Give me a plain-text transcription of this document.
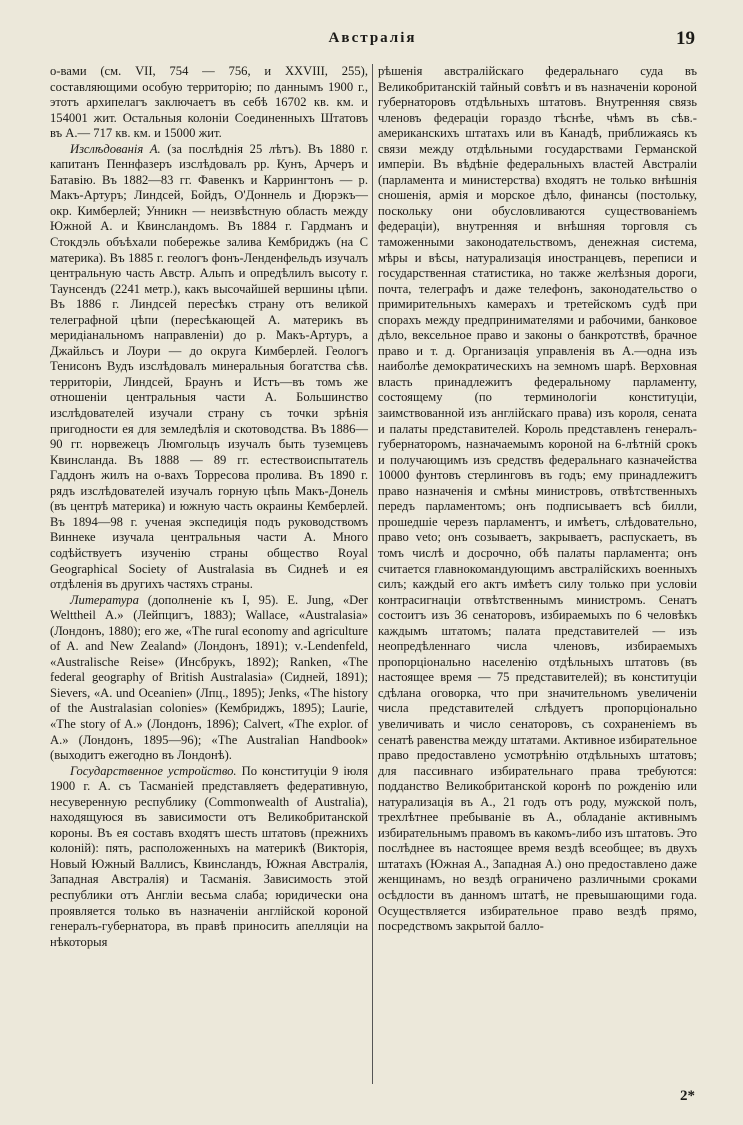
Австралія	19

о-вами (см. VII, 754 — 756, и XXVIII, 255), составляющими особую территорію; по даннымъ 1900 г., этотъ архипелагъ заключаетъ въ себѣ 16702 кв. км. и 154001 жит. Остальныя колоніи Соединенныхъ Штатовъ въ А.— 717 кв. км. и 15000 жит.

Изслѣдованія А. (за послѣднія 25 лѣтъ). Въ 1880 г. капитанъ Пеннфазеръ изслѣдовалъ рр. Кунъ, Арчеръ и Батавію. Въ 1882—83 гг. Фавенкъ и Каррингтонъ — р. Макъ-Артуръ; Линдсей, Бойдъ, О'Доннель и Дюрэкъ—окр. Кимберлей; Унникн — неизвѣстную область между Южной А. и Квинсландомъ. Въ 1884 г. Гардманъ и Стокдэль объѣхали побережье залива Кембриджъ (на С материка). Въ 1885 г. геологъ фонъ-Ленденфельдъ изучалъ центральную часть Австр. Альпъ и опредѣлилъ высоту г. Таунсендъ (2241 метр.), какъ высочайшей вершины цѣпи. Въ 1886 г. Линдсей пересѣкъ страну отъ великой телеграфной цѣпи (пересѣкающей А. материкъ въ меридіанальномъ направленіи) до р. Макъ-Артуръ, а Джайльсъ и Лоури — до округа Кимберлей. Геологъ Тенисонъ Вудъ изслѣдовалъ минеральныя богатства сѣв. территоріи, Линдсей, Браунъ и Истъ—въ томъ же отношеніи центральныя части А. Большинство изслѣдователей изучали страну съ точки зрѣнія пригодности ея для земледѣлія и скотоводства. Въ 1886—90 гг. норвежецъ Люмгольцъ изучалъ быть туземцевъ Квинсланда. Въ 1888 — 89 гг. естествоиспытатель Гаддонъ жилъ на о-вахъ Торресова пролива. Въ 1890 г. рядъ изслѣдователей изучалъ горную цѣпь Макъ-Донель (въ центрѣ материка) и южную часть окраины Кемберлей. Въ 1894—98 г. ученая экспедиція подъ руководствомъ Виннеке изучала центральныя части А. Много содѣйствуетъ изученію страны общество Royal Geographical Society of Australasia въ Сиднеѣ и ея отдѣленія въ другихъ частяхъ страны.

Литература (дополненіе къ I, 95). E. Jung, «Der Welttheil A.» (Лейпцигъ, 1883); Wallace, «Australasia» (Лондонъ, 1880); его же, «The rural economy and agriculture of A. and New Zealand» (Лондонъ, 1891); v.-Lendenfeld, «Australische Reise» (Инсбрукъ, 1892); Ranken, «The federal geography of British Australasia» (Сидней, 1891); Sievers, «A. und Oceanien» (Лпц., 1895); Jenks, «The history of the Australasian colonies» (Кембриджъ, 1895); Laurie, «The story of A.» (Лондонъ, 1896); Calvert, «The explor. of A.» (Лондонъ, 1895—96); «The Australian Handbook» (выходитъ ежегодно въ Лондонѣ).

Государственное устройство. По конституціи 9 іюля 1900 г. А. съ Тасманіей представляетъ федеративную, несуверенную республику (Commonwealth of Australia), находящуюся въ зависимости отъ Великобританской короны. Въ ея составъ входятъ шесть штатовъ (прежнихъ колоній): пять, расположенныхъ на материкѣ (Викторія, Новый Южный Валлисъ, Квинсландъ, Южная Австралія, Западная Австралія) и Тасманія. Зависимость этой республики отъ Англіи весьма слаба; юридически она проявляется только въ назначеніи англійской короной генералъ-губернатора, въ правѣ приносить апелляціи на нѣкоторыя

рѣшенія австралійскаго федеральнаго суда въ Великобританскій тайный совѣтъ и въ назначеніи короной губернаторовъ отдѣльныхъ штатовъ. Внутренняя связь членовъ федераціи гораздо тѣснѣе, чѣмъ въ сѣв.-американскихъ штатахъ или въ Канадѣ, приближаясь къ связи между отдѣльными государствами Германской имперіи. Въ вѣдѣніе федеральныхъ властей Австраліи (парламента и министерства) входятъ не только внѣшнія сношенія, армія и морское дѣло, финансы (постольку, поскольку они обусловливаются существованіемъ федераціи), внутренняя и внѣшняя торговля съ таможенными законодательствомъ, денежная система, мѣры и вѣсы, натурализація иностранцевъ, переписи и государственная статистика, но также желѣзныя дороги, почта, телеграфъ и даже телефонъ, законодательство о примирительныхъ камерахъ и третейскомъ судѣ при спорахъ между предпринимателями и рабочими, банковое дѣло, вексельное право и законы о банкротствѣ, брачное право и т. д. Организація управленія въ А.—одна изъ наиболѣе демократическихъ на земномъ шарѣ. Верховная власть принадлежитъ федеральному парламенту, состоящему (по терминологіи конституціи, заимствованной изъ англійскаго права) изъ короля, сената и палаты представителей. Король представленъ генералъ-губернаторомъ, назначаемымъ короной на 6-лѣтній срокъ и получающимъ изъ средствъ федеральнаго казначейства 10000 фунтовъ стерлинговъ въ годъ; ему принадлежитъ право назначенія и смѣны министровъ, отвѣтственныхъ передъ парламентомъ; онъ подписываетъ всѣ билли, прошедшіе черезъ парламентъ, и имѣетъ, слѣдовательно, право veto; онъ созываетъ, закрываетъ, распускаетъ, въ томъ числѣ и досрочно, обѣ палаты парламента; онъ считается главнокомандующимъ австралійскихъ военныхъ силъ; каждый его актъ имѣетъ силу только при условіи контрасигнаціи отвѣтственнымъ министромъ. Сенатъ состоитъ изъ 36 сенаторовъ, избираемыхъ по 6 человѣкъ каждымъ штатомъ; палата представителей — изъ неопредѣленнаго числа членовъ, избираемыхъ пропорціонально населенію отдѣльныхъ штатовъ (въ настоящее время — 75 представителей); въ конституціи сдѣлана оговорка, что при значительномъ увеличеніи числа представителей слѣдуетъ пропорціонально увеличивать и число сенаторовъ, съ сохраненіемъ въ сенатѣ равенства между штатами. Активное избирательное право предоставлено усмотрѣнію отдѣльныхъ штатовъ; для пассивнаго избирательнаго права требуются: подданство Великобританской коронѣ по рожденію или натурализація въ А., 21 годъ отъ роду, мужской полъ, трехлѣтнее пребываніе въ А., обладаніе активнымъ избирательнымъ правомъ въ какомъ-либо изъ штатовъ. Это послѣднее въ настоящее время вездѣ всеобщее; въ двухъ штатахъ (Южная А., Западная А.) оно предоставлено даже женщинамъ, но вездѣ ограничено различными сроками осѣдлости въ данномъ штатѣ, не превышающими года. Осуществляется избирательное право вездѣ прямо, посредствомъ закрытой балло-

2*
